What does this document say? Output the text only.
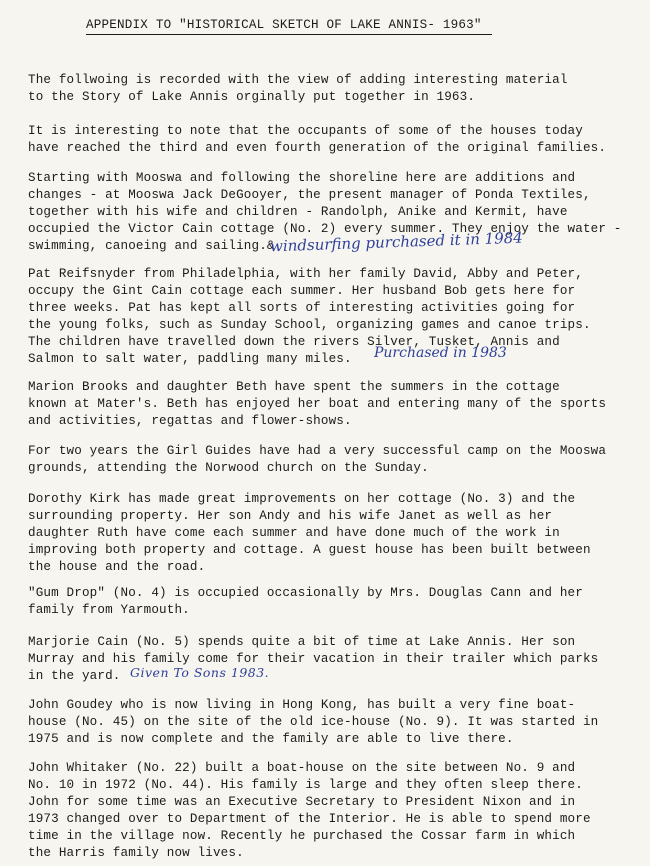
APPENDIX TO "HISTORICAL SKETCH OF LAKE ANNIS- 1963"
The follwoing is recorded with the view of adding interesting material
to the Story of Lake Annis orginally put together in 1963.
It is interesting to note that the occupants of some of the houses today
have reached the third and even fourth generation of the original families.
Starting with Mooswa and following the shoreline here are additions and
changes - at Mooswa Jack DeGooyer, the present manager of Ponda Textiles,
together with his wife and children - Randolph, Anike and Kermit, have
occupied the Victor Cain cottage (No. 2) every summer. They enjoy the water -
swimming, canoeing and sailing.&
windsurfing purchased it in 1984
Pat Reifsnyder from Philadelphia, with her family David, Abby and Peter,
occupy the Gint Cain cottage each summer. Her husband Bob gets here for
three weeks. Pat has kept all sorts of interesting activities going for
the young folks, such as Sunday School, organizing games and canoe trips.
The children have travelled down the rivers Silver, Tusket, Annis and
Salmon to salt water, paddling many miles.	Purchased in 1983
Marion Brooks and daughter Beth have spent the summers in the cottage
known at Mater's. Beth has enjoyed her boat and entering many of the sports
and activities, regattas and flower-shows.
For two years the Girl Guides have had a very successful camp on the Mooswa
grounds, attending the Norwood church on the Sunday.
Dorothy Kirk has made great improvements on her cottage (No. 3) and the
surrounding property. Her son Andy and his wife Janet as well as her
daughter Ruth have come each summer and have done much of the work in
improving both property and cottage. A guest house has been built between
the house and the road.
"Gum Drop" (No. 4) is occupied occasionally by Mrs. Douglas Cann and her
family from Yarmouth.
Marjorie Cain (No. 5) spends quite a bit of time at Lake Annis. Her son
Murray and his family come for their vacation in their trailer which parks
in the yard. Given To Sons 1983.
John Goudey who is now living in Hong Kong, has built a very fine boat-
house (No. 45) on the site of the old ice-house (No. 9). It was started in
1975 and is now complete and the family are able to live there.
John Whitaker (No. 22) built a boat-house on the site between No. 9 and
No. 10 in 1972 (No. 44). His family is large and they often sleep there.
John for some time was an Executive Secretary to President Nixon and in
1973 changed over to Department of the Interior. He is able to spend more
time in the village now. Recently he purchased the Cossar farm in which
the Harris family now lives.
